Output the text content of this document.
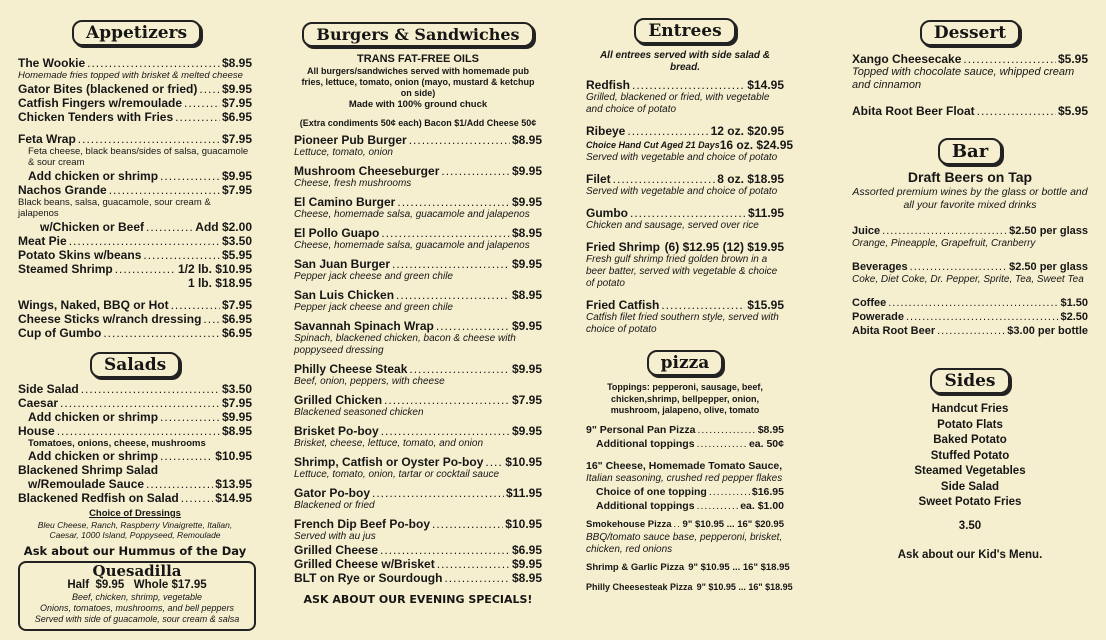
Appetizers
The Wookie .....	$8.95
Homemade fries topped with brisket & melted cheese
Gator Bites (blackened or fried) ..... $9.95
Catfish Fingers w/remoulade .....	$7.95
Chicken Tenders with Fries .....	$6.95
Feta Wrap .....	$7.95
Feta cheese, black beans/sides of salsa, guacamole & sour cream
Add chicken or shrimp .....	$9.95
Nachos Grande .....	$7.95
Black beans, salsa, guacamole, sour cream & jalapenos
w/Chicken or Beef .....	Add $2.00
Meat Pie .....	$3.50
Potato Skins w/beans .....	$5.95
Steamed Shrimp .....	1/2 lb. $10.95
1 lb. $18.95
Wings, Naked, BBQ or Hot .....	$7.95
Cheese Sticks w/ranch dressing ..... $6.95
Cup of Gumbo .....	$6.95
Salads
Side Salad .....	$3.50
Caesar .....	$7.95
Add chicken or shrimp .....	$9.95
House .....	$8.95
Tomatoes, onions, cheese, mushrooms
Add chicken or shrimp .....	$10.95
Blackened Shrimp Salad
w/Remoulade Sauce .....	$13.95
Blackened Redfish on Salad .....	$14.95
Choice of Dressings
Bleu Cheese, Ranch, Raspberry Vinaigrette, Italian, Caesar, 1000 Island, Poppyseed, Remoulade
Ask about our Hummus of the Day
Quesadilla
Half  $9.95   Whole $17.95
Beef, chicken, shrimp, vegetable
Onions, tomatoes, mushrooms, and bell peppers
Served with side of guacamole, sour cream & salsa
Burgers & Sandwiches
TRANS FAT-FREE OILS
All burgers/sandwiches served with homemade pub fries, lettuce, tomato, onion (mayo, mustard & ketchup on side)
Made with 100% ground chuck
(Extra condiments 50¢ each) Bacon $1/Add Cheese 50¢
Pioneer Pub Burger .....	$8.95
Lettuce, tomato, onion
Mushroom Cheeseburger .....	$9.95
Cheese, fresh mushrooms
El Camino Burger .....	$9.95
Cheese, homemade salsa, guacamole and jalapenos
El Pollo Guapo .....	$8.95
Cheese, homemade salsa, guacamole and jalapenos
San Juan Burger .....	$9.95
Pepper jack cheese and green chile
San Luis Chicken .....	$8.95
Pepper jack cheese and green chile
Savannah Spinach Wrap .....	$9.95
Spinach, blackened chicken, bacon & cheese with poppyseed dressing
Philly Cheese Steak .....	$9.95
Beef, onion, peppers, with cheese
Grilled Chicken .....	$7.95
Blackened seasoned chicken
Brisket Po-boy .....	$9.95
Brisket, cheese, lettuce, tomato, and onion
Shrimp, Catfish or Oyster Po-boy ..... $10.95
Lettuce, tomato, onion, tartar or cocktail sauce
Gator Po-boy .....	$11.95
Blackened or fried
French Dip Beef Po-boy .....	$10.95
Served with au jus
Grilled Cheese .....	$6.95
Grilled Cheese w/Brisket .....	$9.95
BLT on Rye or Sourdough .....	$8.95
ASK ABOUT OUR EVENING SPECIALS!
Entrees
All entrees served with side salad & bread.
Redfish .....	$14.95
Grilled, blackened or fried, with vegetable and choice of potato
Ribeye .....	12 oz. $20.95
Choice Hand Cut Aged 21 Days 16 oz. $24.95
Served with vegetable and choice of potato
Filet .....	8 oz. $18.95
Served with vegetable and choice of potato
Gumbo .....	$11.95
Chicken and sausage, served over rice
Fried Shrimp ..... (6) $12.95 (12) $19.95
Fresh gulf shrimp fried golden brown in a beer batter, served with vegetable & choice of potato
Fried Catfish .....	$15.95
Catfish filet fried southern style, served with choice of potato
pizza
Toppings: pepperoni, sausage, beef, chicken,shrimp, bellpepper, onion, mushroom, jalapeno, olive, tomato
9" Personal Pan Pizza .....	$8.95
Additional toppings .....	ea. 50¢
16" Cheese, Homemade Tomato Sauce,
Italian seasoning, crushed red pepper flakes
Choice of one topping .....	$16.95
Additional toppings .....	ea. $1.00
Smokehouse Pizza ..... 9" $10.95 ... 16" $20.95
BBQ/tomato sauce base, pepperoni, brisket, chicken, red onions
Shrimp & Garlic Pizza 9" $10.95 ... 16" $18.95
Philly Cheesesteak Pizza 9" $10.95 ... 16" $18.95
Dessert
Xango Cheesecake .....	$5.95
Topped with chocolate sauce, whipped cream and cinnamon
Abita Root Beer Float .....	$5.95
Bar
Draft Beers on Tap
Assorted premium wines by the glass or bottle and all your favorite mixed drinks
Juice .....	$2.50 per glass
Orange, Pineapple, Grapefruit, Cranberry
Beverages .....	$2.50 per glass
Coke, Diet Coke, Dr. Pepper, Sprite, Tea, Sweet Tea
Coffee .....	$1.50
Powerade .....	$2.50
Abita Root Beer .....	$3.00 per bottle
Sides
Handcut Fries
Potato Flats
Baked Potato
Stuffed Potato
Steamed Vegetables
Side Salad
Sweet Potato Fries
3.50
Ask about our Kid's Menu.
